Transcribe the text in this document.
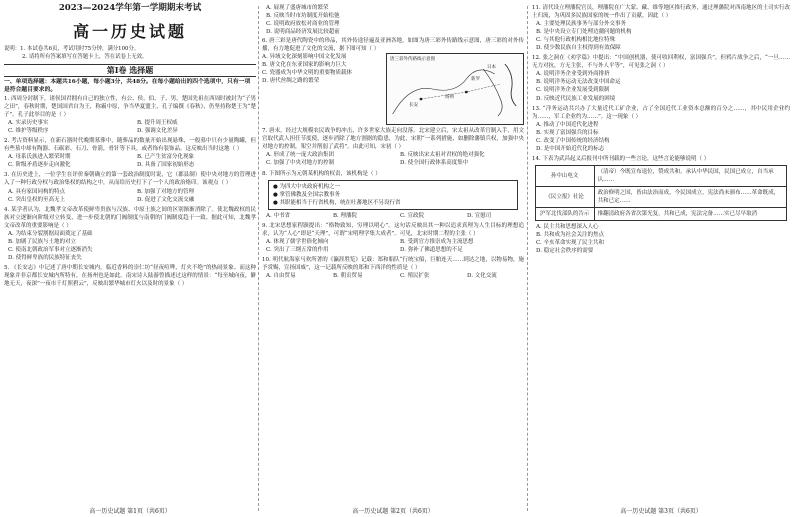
2023—2024学年第一学期期末考试
高一历史试题
说明：1. 本试卷共6页，考试用时75分钟，满分100分。
2. 请将所有答案填写在答题卡上，答在试卷上无效。
第Ⅰ卷 选择题
一、单项选择题：本题共16小题，每小题3分，共48分。在每小题给出的四个选项中，只有一项是符合题目要求的。
1. 西周分封制下，诸侯国君拥有自己的独立性，有公、侯、伯、子、男，楚国先祖在西周时被封为“子男之田”，春秋时期，楚国国君自为王，称霸中原，争当华夏盟主，孔子编撰《春秋》，仍坚持称楚王为“楚子”。孔子此举目的是（ ）
A. 实录历史事实	B. 提升周王权威
C. 维护等级秩序	D. 强调文化差异
2. 考古资料显示，在新石器时代晚期墓葬中，随葬品的数量开始出现悬殊，一般墓中只有少量陶罐，但有些墓中却有陶器、石砺彩、石刀、骨箭，骨针等下具，或者饰有装饰品。这反映出当时这地（ ）
A. 母系氏族进入繁荣时期	B. 已产生贫富分化现象
C. 阶级矛盾逐步走向激化	D. 具备了国家初始形态
3. 在历史进上，一位学生在评价秦朝确立的第一套政治制度时说，它（郡县制）使中央对地方的管理进入了一种行政分权与政治集权的结构之中，从而给历史打下了一个人的政治烙印。该观点（ ）
A. 具有家国同构的特点	B. 加强了对地方的管理
C. 突出皇权的至高无上	D. 促进了文化交流交融
4. 某学者认为，北魏孝文帝改革使鲜卑贵族与汉族、中原士族之间的区别渐渐消除了。使北魏政权的民族对立逐渐向阶级对立转变，进一步使北朝的门阀制度与南朝的门阀制度趋于一致。据此可知，北魏孝文帝改革的重要影响是（ ）
A. 为结束分裂割据局面奠定了基础
B. 加剧了民族与土地的对立
C. 使南北朝政治军事对立逐渐消失
D. 使得鲜卑族的民族特征丧失
5. 《长安志》中记述了唐中期长安城内，临近香料的崇仁坊“昼夜喧哗，灯火不绝”的热闹景象。而这种现象并非京都长安城内所特有，在扬州也是如此。南宋诗人陆游曾描述过这样的情景：“每至城向夜，僻地无天，夜深”一夜市千灯照碧云”，反映出繁华城市灯火以及时的景象（ ）
高一历史试题 第1页（共6页）
A. 展现了盛唐城市的繁荣
B. 反映当时市坊制度开始松弛
C. 说明政府放松对商业的管理
D. 说明商品经济发展比较超前
6. 唐三彩是唐代陶瓷中的珍品，其外传途径遍及亚洲各地，如图为唐三彩外传路线示意图，唐三彩的对外传播，有力地促进了文化的交流，据下图可知（ ）
A. 异域文化深刻影响中国文化发展
B. 唐文化在东亚国家的影响力巨大
C. 瓷器成为中华文明的重要物质载体
D. 唐代丝绸之路的繁荣
唐三彩外传路线示意图
长安
扬州
日本
新罗
7. 唐末，经过大规模农民战争的冲击，许多世家大族走向没落。北宋建立后，宋太祖从改革官制入手，用文官取代武人担任节度使，逐步消除了地方割据的隐患，为此，宋朝“一系列措施，如删除藩镇兵权，加强中央对地方的控制，架空并削弱了武将”。由此可知，宋初（ ）
A. 形成了统一庞大政治集团	B. 反映出宋太祖对君权的绝对强化
C. 加强了中央对地方的控制	D. 使全国行政体系高度集中
8. 下图所示为元朝某机构的权责，该机构是（ ）
● 为四大中央政府机构之一
● 掌管佛教及全国宗教事务
● 其职能相当于行省机构，统在吐蕃地区不另设行省
A. 中书省	B. 理藩院	C. 宣政院	D. 宣慰司
9. 北宋思想家程颢提出：“格物致知，穷理以明心”。这句话反映出其一种以追求真理为人生目标的理想追求，认为“人心”即是“天理”，可谓“宋明理学集大成者”。可见，北宋时期二程的主张（ ）
A. 体现了儒学世俗化倾向	B. 受到官方推崇成为主流思想
C. 突出了三纲五常的作用	D. 弥补了佛道思想的不足
10. 明代航海家马欢所著的《瀛涯胜览》记载：郑和船队“行统宝船，巨舶连天……到达之地，以物易物，施予赏赐，宣扬国威”，这一记载所反映的郑和下西洋的性质是（ ）
A. 自由贸易	B. 朝贡贸易	C. 殖民扩张	D. 文化交流
高一历史试题 第2页（共6页）
11. 清代设立理藩院官员，理藩院在广大蒙、藏、维等地区推行政务，通过理藩院对西南地区的土司实行改土归流，为巩固多民族国家的统一作出了贡献。因此（ ）
A. 主要处理民族事务与部分外交事务
B. 是中央设立专门处理边疆问题的机构
C. 与其他行政机构相比地位特殊
D. 使少数民族自主权得到有效保障
12. 张之洞在《劝学篇》中提出：“中国创机器，使可收回利权，富国强兵”，但鸦片战争之后，“一旦……无力对抗，方无主张，不与外人平等”，可见张之洞（ ）
A. 说明洋务企业受到外商排挤
B. 说明洋务运动无法改变中国命运
C. 说明洋务企业发展受到限制
D. 反映近代民族工业发展的困境
13. “洋务运动共兴办了大量近代工矿企业，占了全国近代工业资本总额的百分之……，其中民用企业约为……，军工企业约为……”。这一现象（ ）
A. 推动了中国近代化进程
B. 实现了富国强兵的目标
C. 改变了中国传统的经济结构
D. 是中国开始近代化的标志
14. 下表为武昌起义后报刊中所刊载的一些言论，这些言论能够说明（ ）
孙中山电文	（清帝）今既宣布退位，赞成共和，承认中华民国，民国已成立，自当承认……
《民立报》社论	政治修明之国，皆由法治而成，今民国成立，宪法尚未颁布……革命既成，共和已定……
沪军北伐部队的告示	推翻清政府各省次第光复，共和已成，宪法完备……实已尽早取消
A. 民主共和思想深入人心
B. 共和成为社会关注的焦点
C. 辛亥革命实现了民主共和
D. 稳定社会秩序的需要
高一历史试题 第3页（共6页）
